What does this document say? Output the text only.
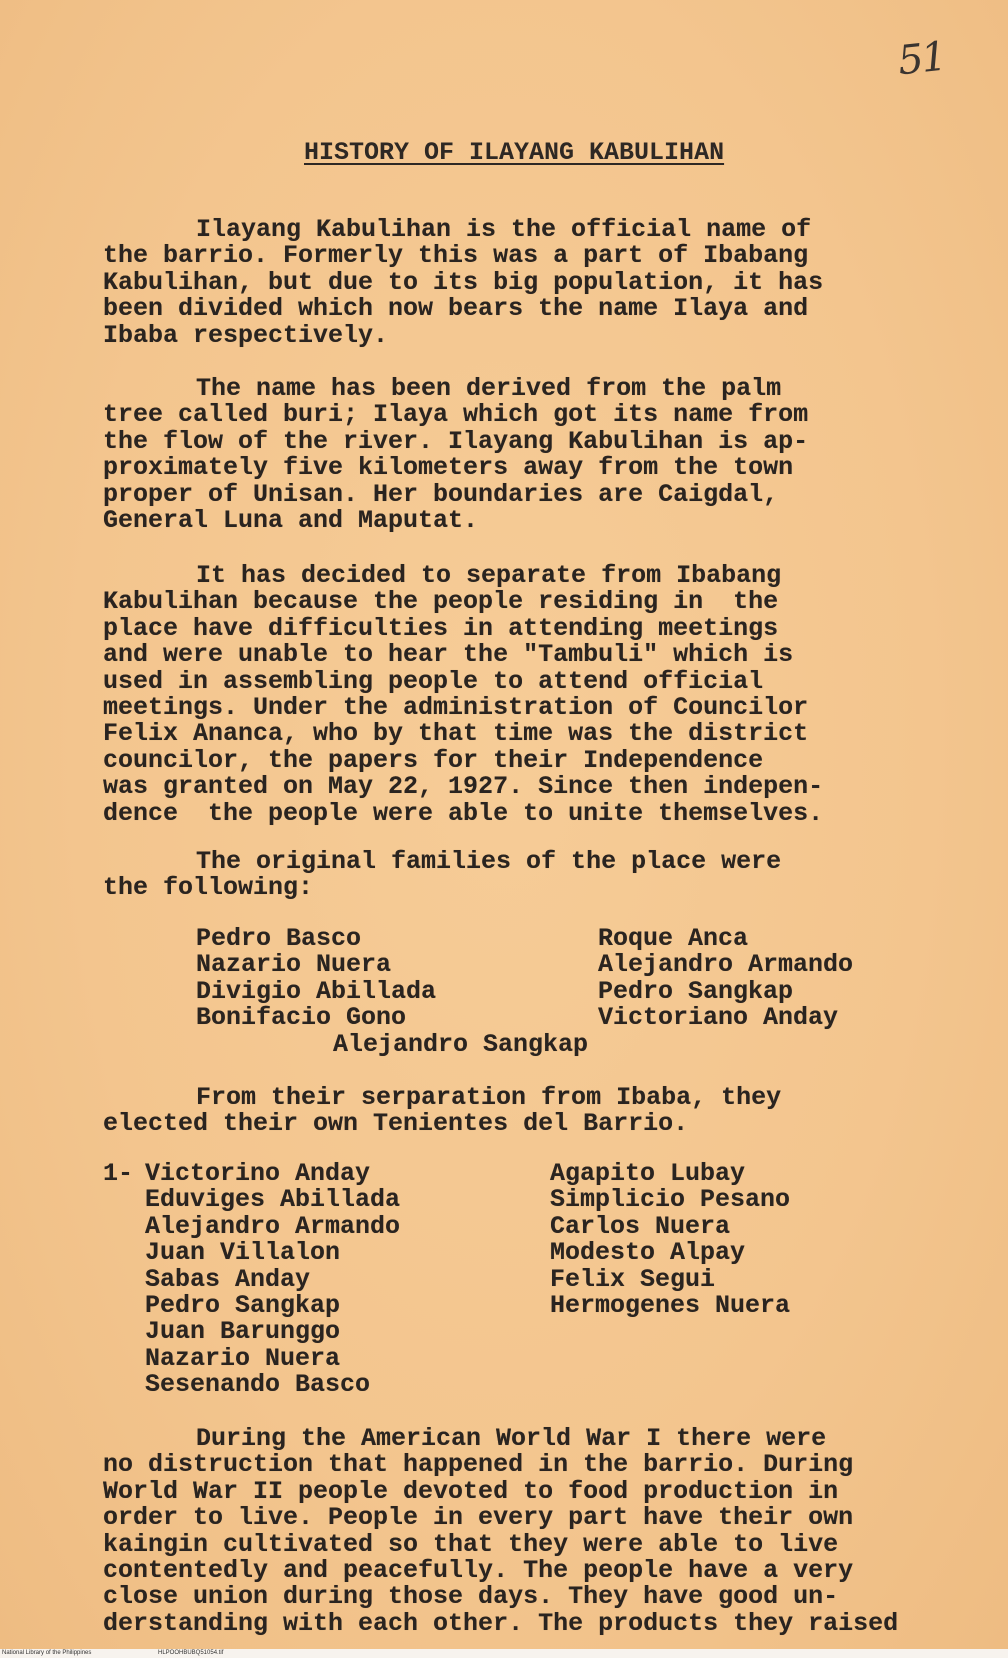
51
HISTORY OF ILAYANG KABULIHAN
Ilayang Kabulihan is the official name of
the barrio. Formerly this was a part of Ibabang
Kabulihan, but due to its big population, it has
been divided which now bears the name Ilaya and
Ibaba respectively.
The name has been derived from the palm
tree called buri; Ilaya which got its name from
the flow of the river. Ilayang Kabulihan is ap-
proximately five kilometers away from the town
proper of Unisan. Her boundaries are Caigdal,
General Luna and Maputat.
It has decided to separate from Ibabang
Kabulihan because the people residing in  the
place have difficulties in attending meetings
and were unable to hear the "Tambuli" which is
used in assembling people to attend official
meetings. Under the administration of Councilor
Felix Ananca, who by that time was the district
councilor, the papers for their Independence
was granted on May 22, 1927. Since then indepen-
dence  the people were able to unite themselves.
The original families of the place were
the following:
Pedro Basco
Nazario Nuera
Divigio Abillada
Bonifacio Gono
Roque Anca
Alejandro Armando
Pedro Sangkap
Victoriano Anday
Alejandro Sangkap
From their serparation from Ibaba, they
elected their own Tenientes del Barrio.
1- Victorino Anday
Eduviges Abillada
Alejandro Armando
Juan Villalon
Sabas Anday
Pedro Sangkap
Juan Barunggo
Nazario Nuera
Sesenando Basco
Agapito Lubay
Simplicio Pesano
Carlos Nuera
Modesto Alpay
Felix Segui
Hermogenes Nuera
During the American World War I there were
no distruction that happened in the barrio. During
World War II people devoted to food production in
order to live. People in every part have their own
kaingin cultivated so that they were able to live
contentedly and peacefully. The people have a very
close union during those days. They have good un-
derstanding with each other. The products they raised
National Library of the Philippines	HLPOOHBUBQ51054.tif
